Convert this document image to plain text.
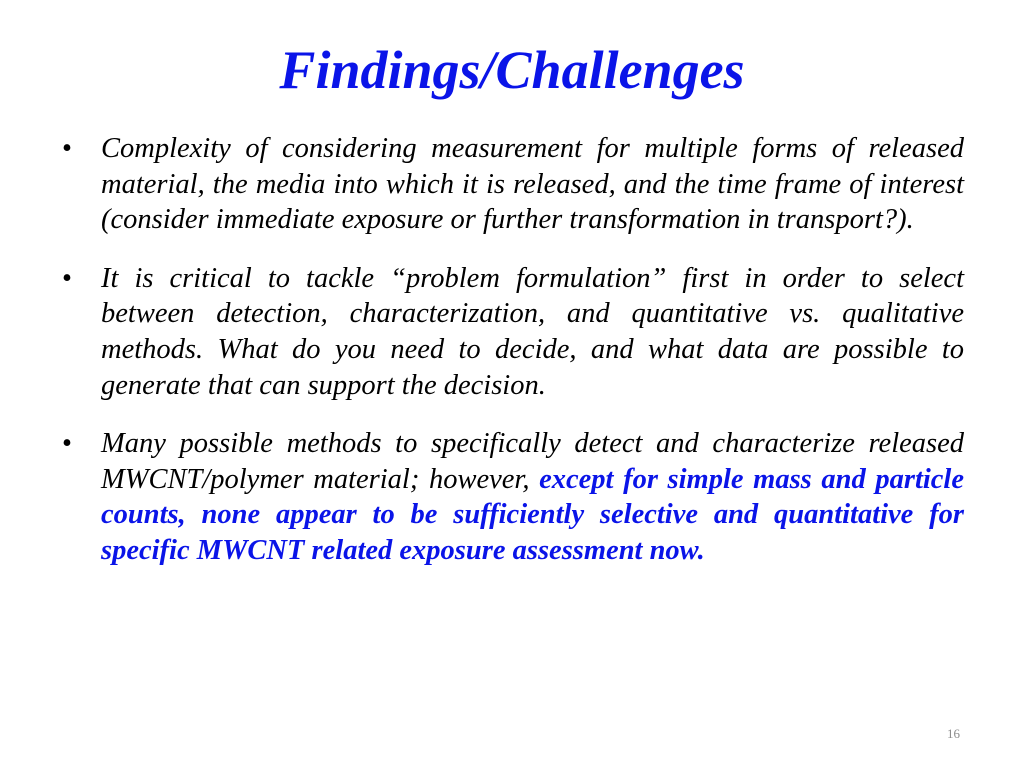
Findings/Challenges
• Complexity of considering measurement for multiple forms of released material, the media into which it is released, and the time frame of interest (consider immediate exposure or further transformation in transport?).
• It is critical to tackle “problem formulation” first in order to select between detection, characterization, and quantitative vs. qualitative methods. What do you need to decide, and what data are possible to generate that can support the decision.
• Many possible methods to specifically detect and characterize released MWCNT/polymer material; however, except for simple mass and particle counts, none appear to be sufficiently selective and quantitative for specific MWCNT related exposure assessment now.
16
